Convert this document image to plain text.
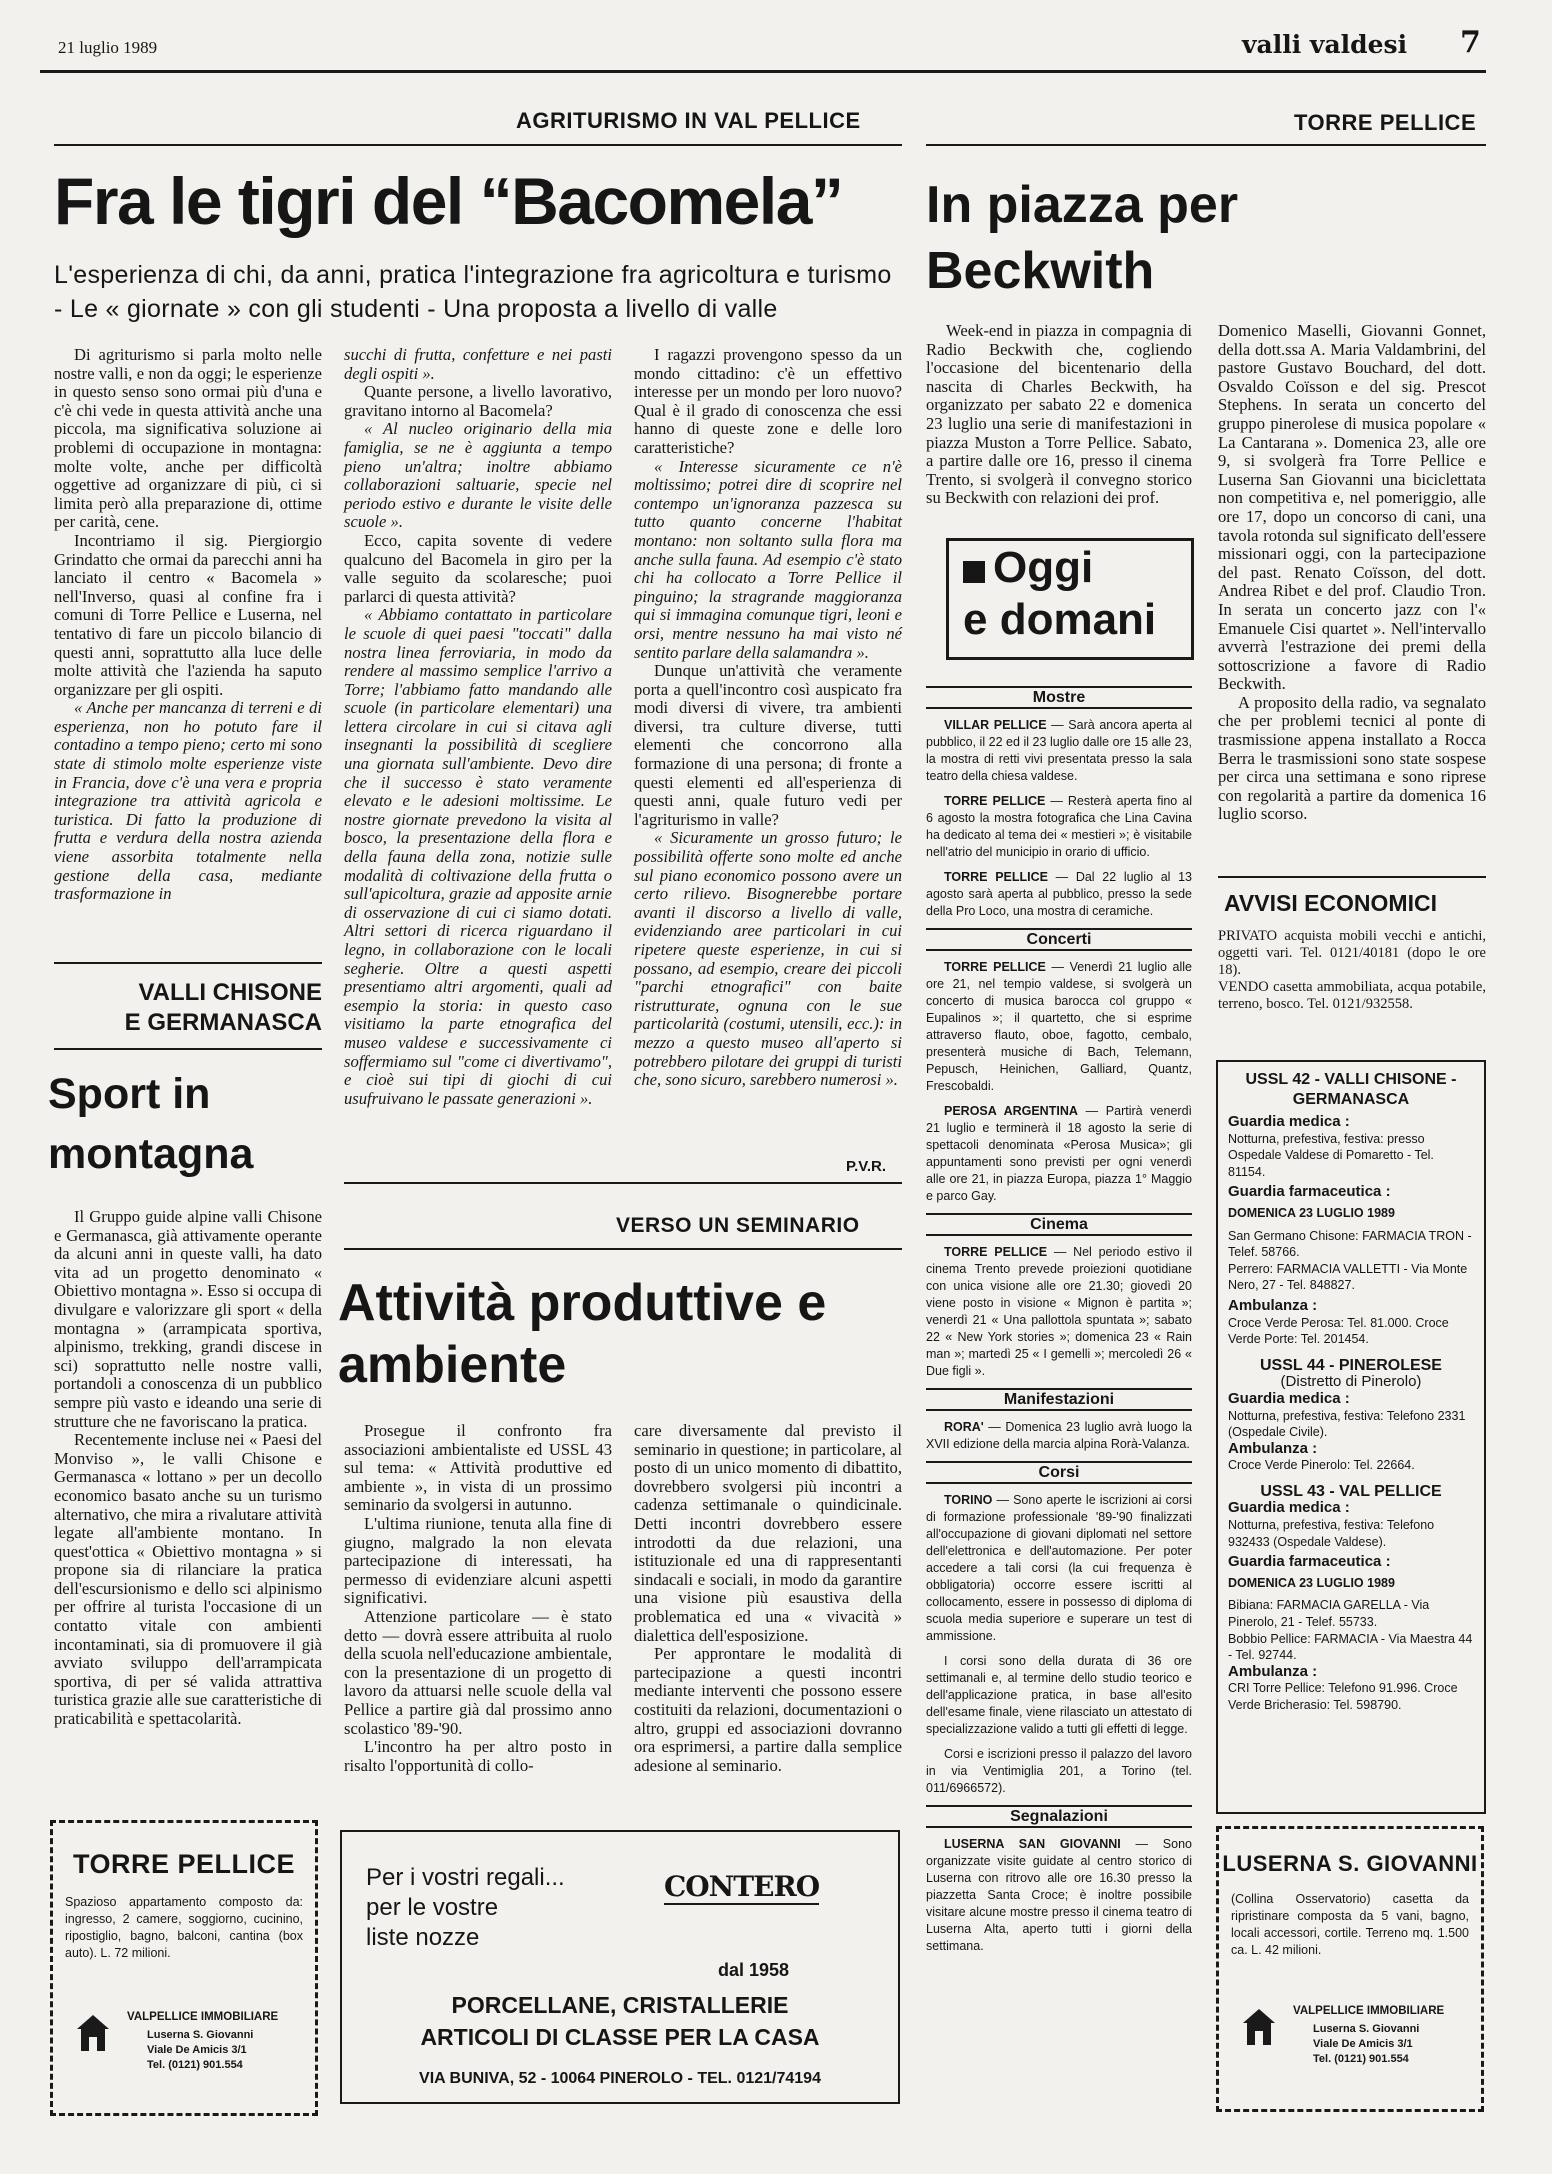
21 luglio 1989	valli valdesi 7
AGRITURISMO IN VAL PELLICE
Fra le tigri del “Bacomela”
L'esperienza di chi, da anni, pratica l'integrazione fra agricoltura e turismo - Le « giornate » con gli studenti - Una proposta a livello di valle

Di agriturismo si parla molto nelle nostre valli, e non da oggi; le esperienze in questo senso sono ormai più d'una e c'è chi vede in questa attività anche una piccola, ma significativa soluzione ai problemi di occupazione in montagna: molte volte, anche per difficoltà oggettive ad organizzare di più, ci si limita però alla preparazione di, ottime per carità, cene.

Incontriamo il sig. Piergiorgio Grindatto che ormai da parecchi anni ha lanciato il centro « Bacomela » nell'Inverso, quasi al confine fra i comuni di Torre Pellice e Luserna, nel tentativo di fare un piccolo bilancio di questi anni, soprattutto alla luce delle molte attività che l'azienda ha saputo organizzare per gli ospiti.

« Anche per mancanza di terreni e di esperienza, non ho potuto fare il contadino a tempo pieno; certo mi sono state di stimolo molte esperienze viste in Francia, dove c'è una vera e propria integrazione tra attività agricola e turistica. Di fatto la produzione di frutta e verdura della nostra azienda viene assorbita totalmente nella gestione della casa, mediante trasformazione in

succhi di frutta, confetture e nei pasti degli ospiti ».

Quante persone, a livello lavorativo, gravitano intorno al Bacomela?

« Al nucleo originario della mia famiglia, se ne è aggiunta a tempo pieno un'altra; inoltre abbiamo collaborazioni saltuarie, specie nel periodo estivo e durante le visite delle scuole ».

Ecco, capita sovente di vedere qualcuno del Bacomela in giro per la valle seguito da scolaresche; puoi parlarci di questa attività?

« Abbiamo contattato in particolare le scuole di quei paesi "toccati" dalla nostra linea ferroviaria, in modo da rendere al massimo semplice l'arrivo a Torre; l'abbiamo fatto mandando alle scuole (in particolare elementari) una lettera circolare in cui si citava agli insegnanti la possibilità di scegliere una giornata sull'ambiente. Devo dire che il successo è stato veramente elevato e le adesioni moltissime. Le nostre giornate prevedono la visita al bosco, la presentazione della flora e della fauna della zona, notizie sulle modalità di coltivazione della frutta o sull'apicoltura, grazie ad apposite arnie di osservazione di cui ci siamo dotati. Altri settori di ricerca riguardano il legno, in collaborazione con le locali segherie. Oltre a questi aspetti presentiamo altri argomenti, quali ad esempio la storia: in questo caso visitiamo la parte etnografica del museo valdese e successivamente ci soffermiamo sul "come ci divertivamo", e cioè sui tipi di giochi di cui usufruivano le passate generazioni ».

I ragazzi provengono spesso da un mondo cittadino: c'è un effettivo interesse per un mondo per loro nuovo? Qual è il grado di conoscenza che essi hanno di queste zone e delle loro caratteristiche?

« Interesse sicuramente ce n'è moltissimo; potrei dire di scoprire nel contempo un'ignoranza pazzesca su tutto quanto concerne l'habitat montano: non soltanto sulla flora ma anche sulla fauna. Ad esempio c'è stato chi ha collocato a Torre Pellice il pinguino; la stragrande maggioranza qui si immagina comunque tigri, leoni e orsi, mentre nessuno ha mai visto né sentito parlare della salamandra ».

Dunque un'attività che veramente porta a quell'incontro così auspicato fra modi diversi di vivere, tra ambienti diversi, tra culture diverse, tutti elementi che concorrono alla formazione di una persona; di fronte a questi elementi ed all'esperienza di questi anni, quale futuro vedi per l'agriturismo in valle?

« Sicuramente un grosso futuro; le possibilità offerte sono molte ed anche sul piano economico possono avere un certo rilievo. Bisognerebbe portare avanti il discorso a livello di valle, evidenziando aree particolari in cui ripetere queste esperienze, in cui si possano, ad esempio, creare dei piccoli "parchi etnografici" con baite ristrutturate, ognuna con le sue particolarità (costumi, utensili, ecc.): in mezzo a questo museo all'aperto si potrebbero pilotare dei gruppi di turisti che, sono sicuro, sarebbero numerosi ».

P.V.R.
VALLI CHISONE
E GERMANASCA
Sport in montagna

Il Gruppo guide alpine valli Chisone e Germanasca, già attivamente operante da alcuni anni in queste valli, ha dato vita ad un progetto denominato « Obiettivo montagna ». Esso si occupa di divulgare e valorizzare gli sport « della montagna » (arrampicata sportiva, alpinismo, trekking, grandi discese in sci) soprattutto nelle nostre valli, portandoli a conoscenza di un pubblico sempre più vasto e ideando una serie di strutture che ne favoriscano la pratica.

Recentemente incluse nei « Paesi del Monviso », le valli Chisone e Germanasca « lottano » per un decollo economico basato anche su un turismo alternativo, che mira a rivalutare attività legate all'ambiente montano. In quest'ottica « Obiettivo montagna » si propone sia di rilanciare la pratica dell'escursionismo e dello sci alpinismo per offrire al turista l'occasione di un contatto vitale con ambienti incontaminati, sia di promuovere il già avviato sviluppo dell'arrampicata sportiva, di per sé valida attrattiva turistica grazie alle sue caratteristiche di praticabilità e spettacolarità.

VERSO UN SEMINARIO
Attività produttive e ambiente

Prosegue il confronto fra associazioni ambientaliste ed USSL 43 sul tema: « Attività produttive ed ambiente », in vista di un prossimo seminario da svolgersi in autunno.

L'ultima riunione, tenuta alla fine di giugno, malgrado la non elevata partecipazione di interessati, ha permesso di evidenziare alcuni aspetti significativi.

Attenzione particolare — è stato detto — dovrà essere attribuita al ruolo della scuola nell'educazione ambientale, con la presentazione di un progetto di lavoro da attuarsi nelle scuole della val Pellice a partire già dal prossimo anno scolastico '89-'90.

L'incontro ha per altro posto in risalto l'opportunità di collo-

care diversamente dal previsto il seminario in questione; in particolare, al posto di un unico momento di dibattito, dovrebbero svolgersi più incontri a cadenza settimanale o quindicinale. Detti incontri dovrebbero essere introdotti da due relazioni, una istituzionale ed una di rappresentanti sindacali e sociali, in modo da garantire una visione più esaustiva della problematica ed una « vivacità » dialettica dell'esposizione.

Per approntare le modalità di partecipazione a questi incontri mediante interventi che possono essere costituiti da relazioni, documentazioni o altro, gruppi ed associazioni dovranno ora esprimersi, a partire dalla semplice adesione al seminario.

TORRE PELLICE
In piazza per Beckwith

Week-end in piazza in compagnia di Radio Beckwith che, cogliendo l'occasione del bicentenario della nascita di Charles Beckwith, ha organizzato per sabato 22 e domenica 23 luglio una serie di manifestazioni in piazza Muston a Torre Pellice. Sabato, a partire dalle ore 16, presso il cinema Trento, si svolgerà il convegno storico su Beckwith con relazioni dei prof.

Domenico Maselli, Giovanni Gonnet, della dott.ssa A. Maria Valdambrini, del pastore Gustavo Bouchard, del dott. Osvaldo Coïsson e del sig. Prescot Stephens. In serata un concerto del gruppo pinerolese di musica popolare « La Cantarana ». Domenica 23, alle ore 9, si svolgerà fra Torre Pellice e Luserna San Giovanni una biciclettata non competitiva e, nel pomeriggio, alle ore 17, dopo un concorso di cani, una tavola rotonda sul significato dell'essere missionari oggi, con la partecipazione del past. Renato Coïsson, del dott. Andrea Ribet e del prof. Claudio Tron. In serata un concerto jazz con l'« Emanuele Cisi quartet ». Nell'intervallo avverrà l'estrazione dei premi della sottoscrizione a favore di Radio Beckwith.

A proposito della radio, va segnalato che per problemi tecnici al ponte di trasmissione appena installato a Rocca Berra le trasmissioni sono state sospese per circa una settimana e sono riprese con regolarità a partire da domenica 16 luglio scorso.

Oggi
e domani
Mostre

VILLAR PELLICE — Sarà ancora aperta al pubblico, il 22 ed il 23 luglio dalle ore 15 alle 23, la mostra di retti vivi presentata presso la sala teatro della chiesa valdese.

TORRE PELLICE — Resterà aperta fino al 6 agosto la mostra fotografica che Lina Cavina ha dedicato al tema dei « mestieri »; è visitabile nell'atrio del municipio in orario di ufficio.

TORRE PELLICE — Dal 22 luglio al 13 agosto sarà aperta al pubblico, presso la sede della Pro Loco, una mostra di ceramiche.

Concerti

TORRE PELLICE — Venerdì 21 luglio alle ore 21, nel tempio valdese, si svolgerà un concerto di musica barocca col gruppo « Eupalinos »; il quartetto, che si esprime attraverso flauto, oboe, fagotto, cembalo, presenterà musiche di Bach, Telemann, Pepusch, Heinichen, Galliard, Quantz, Frescobaldi.

PEROSA ARGENTINA — Partirà venerdì 21 luglio e terminerà il 18 agosto la serie di spettacoli denominata «Perosa Musica»; gli appuntamenti sono previsti per ogni venerdì alle ore 21, in piazza Europa, piazza 1° Maggio e parco Gay.

Cinema

TORRE PELLICE — Nel periodo estivo il cinema Trento prevede proiezioni quotidiane con unica visione alle ore 21.30; giovedì 20 viene posto in visione « Mignon è partita »; venerdì 21 « Una pallottola spuntata »; sabato 22 « New York stories »; domenica 23 « Rain man »; martedì 25 « I gemelli »; mercoledì 26 « Due figli ».

Manifestazioni

RORA' — Domenica 23 luglio avrà luogo la XVII edizione della marcia alpina Rorà-Valanza.

Corsi

TORINO — Sono aperte le iscrizioni ai corsi di formazione professionale '89-'90 finalizzati all'occupazione di giovani diplomati nel settore dell'elettronica e dell'automazione. Per poter accedere a tali corsi (la cui frequenza è obbligatoria) occorre essere iscritti al collocamento, essere in possesso di diploma di scuola media superiore e superare un test di ammissione.

I corsi sono della durata di 36 ore settimanali e, al termine dello studio teorico e dell'applicazione pratica, in base all'esito dell'esame finale, viene rilasciato un attestato di specializzazione valido a tutti gli effetti di legge.

Corsi e iscrizioni presso il palazzo del lavoro in via Ventimiglia 201, a Torino (tel. 011/6966572).

Segnalazioni

LUSERNA SAN GIOVANNI — Sono organizzate visite guidate al centro storico di Luserna con ritrovo alle ore 16.30 presso la piazzetta Santa Croce; è inoltre possibile visitare alcune mostre presso il cinema teatro di Luserna Alta, aperto tutti i giorni della settimana.

AVVISI ECONOMICI

PRIVATO acquista mobili vecchi e antichi, oggetti vari. Tel. 0121/40181 (dopo le ore 18).

VENDO casetta ammobiliata, acqua potabile, terreno, bosco. Tel. 0121/932558.

USSL 42 - VALLI CHISONE - GERMANASCA
Guardia medica :
Notturna, prefestiva, festiva: presso Ospedale Valdese di Pomaretto - Tel. 81154.
Guardia farmaceutica :
DOMENICA 23 LUGLIO 1989
San Germano Chisone: FARMACIA TRON - Telef. 58766.
Perrero: FARMACIA VALLETTI - Via Monte Nero, 27 - Tel. 848827.
Ambulanza :
Croce Verde Perosa: Tel. 81.000. Croce Verde Porte: Tel. 201454.
USSL 44 - PINEROLESE
(Distretto di Pinerolo)
Guardia medica :
Notturna, prefestiva, festiva: Telefono 2331 (Ospedale Civile).
Ambulanza :
Croce Verde Pinerolo: Tel. 22664.
USSL 43 - VAL PELLICE
Guardia medica :
Notturna, prefestiva, festiva: Telefono 932433 (Ospedale Valdese).
Guardia farmaceutica :
DOMENICA 23 LUGLIO 1989
Bibiana: FARMACIA GARELLA - Via Pinerolo, 21 - Telef. 55733.
Bobbio Pellice: FARMACIA - Via Maestra 44 - Tel. 92744.
Ambulanza :
CRI Torre Pellice: Telefono 91.996. Croce Verde Bricherasio: Tel. 598790.
TORRE PELLICE
Spazioso appartamento composto da: ingresso, 2 camere, soggiorno, cucinino, ripostiglio, bagno, balconi, cantina (box auto). L. 72 milioni.
VALPELLICE IMMOBILIARE
Luserna S. Giovanni
Viale De Amicis 3/1
Tel. (0121) 901.554
Per i vostri regali...
per le vostre
liste nozze
CONTERO
dal 1958
PORCELLANE, CRISTALLERIE
ARTICOLI DI CLASSE PER LA CASA
VIA BUNIVA, 52 - 10064 PINEROLO - TEL. 0121/74194
LUSERNA S. GIOVANNI
(Collina Osservatorio) casetta da ripristinare composta da 5 vani, bagno, locali accessori, cortile. Terreno mq. 1.500 ca. L. 42 milioni.
VALPELLICE IMMOBILIARE
Luserna S. Giovanni
Viale De Amicis 3/1
Tel. (0121) 901.554
